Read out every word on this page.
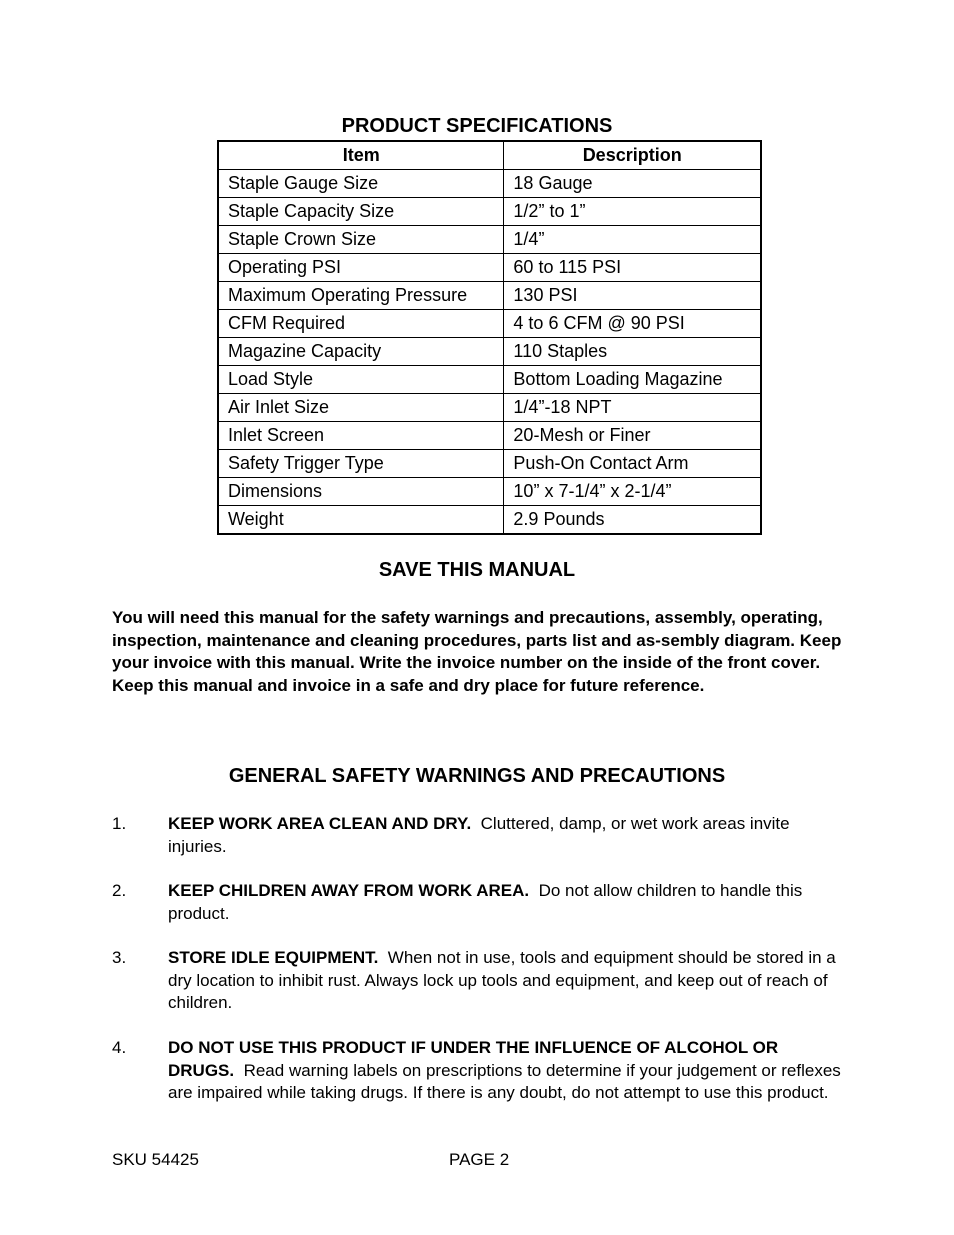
PRODUCT SPECIFICATIONS
Item	Description
Staple Gauge Size	18 Gauge
Staple Capacity Size	1/2” to 1”
Staple Crown Size	1/4”
Operating PSI	60 to 115 PSI
Maximum Operating Pressure	130 PSI
CFM Required	4 to 6 CFM @ 90 PSI
Magazine Capacity	110 Staples
Load Style	Bottom Loading Magazine
Air Inlet Size	1/4”-18 NPT
Inlet Screen	20-Mesh or Finer
Safety Trigger Type	Push-On Contact Arm
Dimensions	10” x 7-1/4” x 2-1/4”
Weight	2.9 Pounds
SAVE THIS MANUAL

You will need this manual for the safety warnings and precautions, assembly, operating, inspection, maintenance and cleaning procedures, parts list and as-sembly diagram. Keep your invoice with this manual. Write the invoice number on the inside of the front cover. Keep this manual and invoice in a safe and dry place for future reference.

GENERAL SAFETY WARNINGS AND PRECAUTIONS
1. KEEP WORK AREA CLEAN AND DRY. Cluttered, damp, or wet work areas invite injuries.

2. KEEP CHILDREN AWAY FROM WORK AREA. Do not allow children to handle this product.

3. STORE IDLE EQUIPMENT. When not in use, tools and equipment should be stored in a dry location to inhibit rust. Always lock up tools and equipment, and keep out of reach of children.

4. DO NOT USE THIS PRODUCT IF UNDER THE INFLUENCE OF ALCOHOL OR DRUGS. Read warning labels on prescriptions to determine if your judgement or reflexes are impaired while taking drugs. If there is any doubt, do not attempt to use this product.

SKU 54425	PAGE 2
